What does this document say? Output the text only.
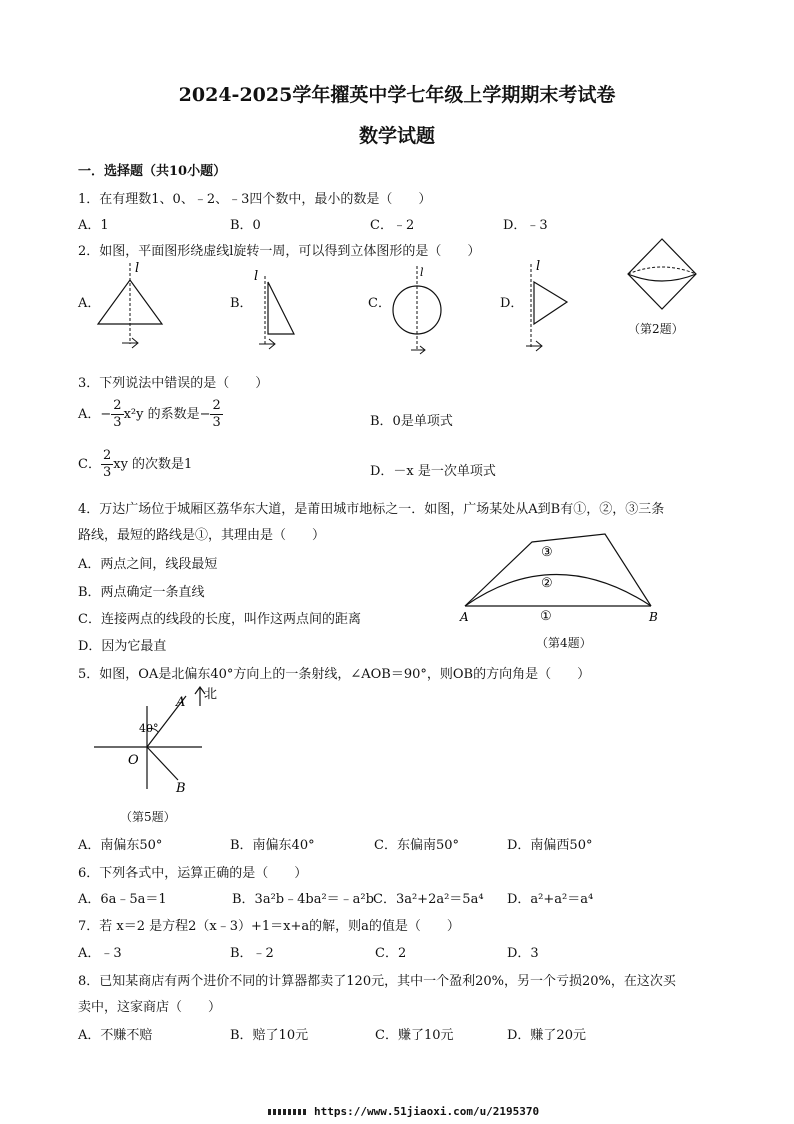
2024-2025学年擢英中学七年级上学期期末考试卷
数学试题
一．选择题（共10小题）
1．在有理数1、0、﹣2、﹣3四个数中，最小的数是（　　）
A．1	B．0	C．﹣2	D．﹣3
2．如图，平面图形绕虚线l旋转一周，可以得到立体图形的是（　　）
A．	B．	C．	D．
l
l	l	l
（第2题）
3．下列说法中错误的是（　　）
A．− $\frac{2}{3} x^2y$ 的系数是− $\frac{2}{3}$	B．0是单项式
C． $\frac{2}{3}$ xy 的次数是1	D．－x 是一次单项式
4．万达广场位于城厢区荔华东大道，是莆田城市地标之一．如图，广场某处从A到B有①，②，③三条
路线，最短的路线是①，其理由是（　　）
A．两点之间，线段最短
B．两点确定一条直线
C．连接两点的线段的长度，叫作这两点间的距离
D．因为它最直
A	B
①
②
③
（第4题）
5．如图，OA是北偏东40°方向上的一条射线，∠AOB＝90°，则OB的方向角是（　　）
北
40°
O
A
B
（第5题）
A．南偏东50°	B．南偏东40°	C．东偏南50°	D．南偏西50°
6．下列各式中，运算正确的是（　　）
A．6a﹣5a＝1	B．3a²b﹣4ba²＝﹣a²b C．3a²+2a²＝5a⁴ D．a²+a²＝a⁴
7．若 x＝2 是方程2（x﹣3）+1＝x+a的解，则a的值是（　　）
A．﹣3	B．﹣2	C．2	D．3
8．已知某商店有两个进价不同的计算器都卖了120元，其中一个盈利20%，另一个亏损20%，在这次买
卖中，这家商店（　　）
A．不赚不赔	B．赔了10元	C．赚了10元	D．赚了20元
https://www.51jiaoxi.com/u/2195370
